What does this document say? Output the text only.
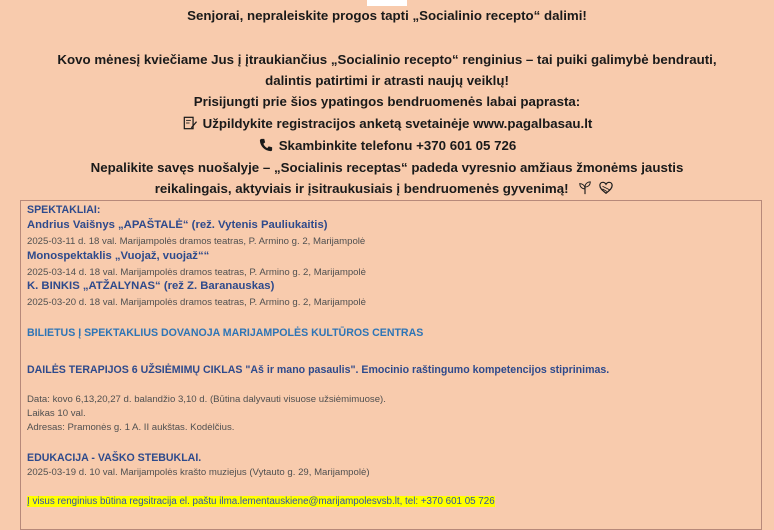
Senjorai, nepraleiskite progos tapti „Socialinio recepto“ dalimi!
Kovo mėnesį kviečiame Jus į įtraukiančius „Socialinio recepto“ renginius – tai puiki galimybė bendrauti,
dalintis patirtimi ir atrasti naujų veiklų!
Prisijungti prie šios ypatingos bendruomenės labai paprasta:
Užpildykite registracijos anketą svetainėje www.pagalbasau.lt
Skambinkite telefonu +370 601 05 726
Nepalikite savęs nuošalyje – „Socialinis receptas“ padeda vyresnio amžiaus žmonėms jaustis
reikalingais, aktyviais ir įsitraukusiais į bendruomenės gyvenimą!
SPEKTAKLIAI:
Andrius Vaišnys „APAŠTALĖ“ (rež. Vytenis Pauliukaitis)
2025-03-11 d. 18 val. Marijampolės dramos teatras, P. Armino g. 2, Marijampolė
Monospektaklis „Vuojaž, vuojaž““
2025-03-14 d. 18 val. Marijampolės dramos teatras, P. Armino g. 2, Marijampolė
K. BINKIS „ATŽALYNAS“ (rež Z. Baranauskas)
2025-03-20 d. 18 val. Marijampolės dramos teatras, P. Armino g. 2, Marijampolė
BILIETUS Į SPEKTAKLIUS DOVANOJA MARIJAMPOLĖS KULTŪROS CENTRAS
DAILĖS TERAPIJOS 6 UŽSIĖMIMŲ CIKLAS "Aš ir mano pasaulis". Emocinio raštingumo kompetencijos stiprinimas.
Data: kovo 6,13,20,27 d. balandžio 3,10 d. (Būtina dalyvauti visuose užsiėmimuose).
Laikas 10 val.
Adresas: Pramonės g. 1 A. II aukštas. Kodėlčius.
EDUKACIJA - VAŠKO STEBUKLAI.
2025-03-19 d. 10 val. Marijampolės krašto muziejus (Vytauto g. 29, Marijampolė)
Į visus renginius būtina regsitracija el. paštu ilma.lementauskiene@marijampolesvsb.lt, tel: +370 601 05 726
